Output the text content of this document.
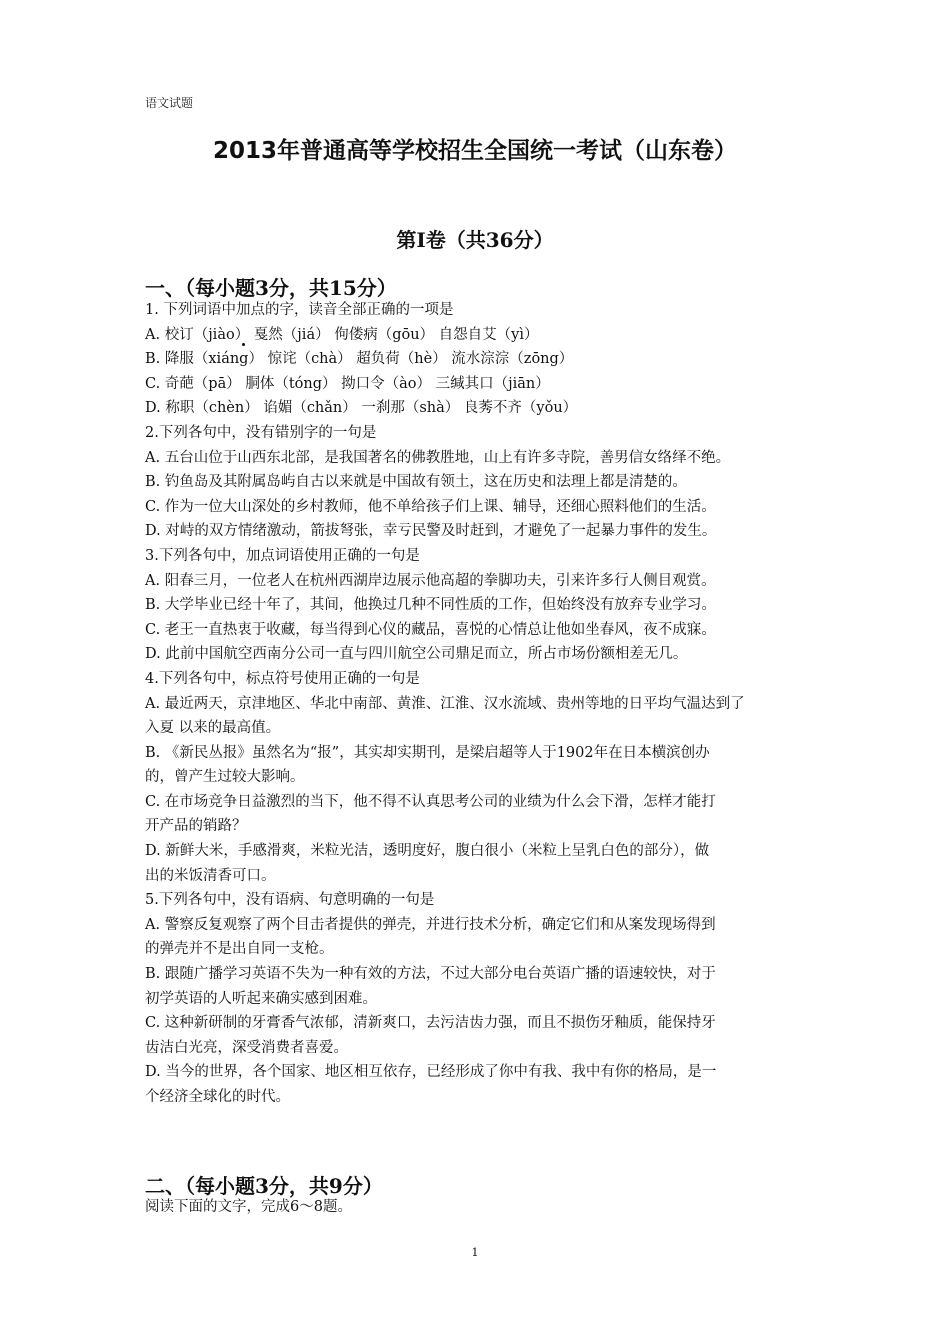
语文试题
2013年普通高等学校招生全国统一考试（山东卷）
第Ⅰ卷（共36分）
一、（每小题3分，共15分）
1. 下列词语中加点的字，读音全部正确的一项是
A. 校订（jiào） 戛然（jiá） 佝偻病（gōu） 自怨自艾（yì）
B. 降服（xiáng） 惊诧（chà） 超负荷（hè） 流水淙淙（zōng）
C. 奇葩（pā） 胴体（tóng） 拗口令（ào） 三缄其口（jiān）
D. 称职（chèn） 谄媚（chǎn） 一刹那（shà） 良莠不齐（yǒu）
2.下列各句中，没有错别字的一句是
A. 五台山位于山西东北部，是我国著名的佛教胜地，山上有许多寺院，善男信女络绎不绝。
B. 钓鱼岛及其附属岛屿自古以来就是中国故有领土，这在历史和法理上都是清楚的。
C. 作为一位大山深处的乡村教师，他不单给孩子们上课、辅导，还细心照料他们的生活。
D. 对峙的双方情绪激动，箭拔弩张，幸亏民警及时赶到，才避免了一起暴力事件的发生。
3.下列各句中，加点词语使用正确的一句是
A. 阳春三月，一位老人在杭州西湖岸边展示他高超的拳脚功夫，引来许多行人侧目观赏。
B. 大学毕业已经十年了，其间，他换过几种不同性质的工作，但始终没有放弃专业学习。
C. 老王一直热衷于收藏，每当得到心仪的藏品，喜悦的心情总让他如坐春风，夜不成寐。
D. 此前中国航空西南分公司一直与四川航空公司鼎足而立，所占市场份额相差无几。
4.下列各句中，标点符号使用正确的一句是
A. 最近两天，京津地区、华北中南部、黄淮、江淮、汉水流域、贵州等地的日平均气温达到了
入夏 以来的最高值。
B. 《新民丛报》虽然名为“报”，其实却实期刊，是梁启超等人于1902年在日本横滨创办
的，曾产生过较大影响。
C. 在市场竞争日益激烈的当下，他不得不认真思考公司的业绩为什么会下滑，怎样才能打
开产品的销路？
D. 新鲜大米，手感滑爽，米粒光洁，透明度好，腹白很小（米粒上呈乳白色的部分），做
出的米饭清香可口。
5.下列各句中，没有语病、句意明确的一句是
A. 警察反复观察了两个目击者提供的弹壳，并进行技术分析，确定它们和从案发现场得到
的弹壳并不是出自同一支枪。
B. 跟随广播学习英语不失为一种有效的方法，不过大部分电台英语广播的语速较快，对于
初学英语的人听起来确实感到困难。
C. 这种新研制的牙膏香气浓郁，清新爽口，去污洁齿力强，而且不损伤牙釉质，能保持牙
齿洁白光亮，深受消费者喜爱。
D. 当今的世界，各个国家、地区相互依存，已经形成了你中有我、我中有你的格局，是一
个经济全球化的时代。
二、（每小题3分，共9分）
阅读下面的文字，完成6～8题。
1
